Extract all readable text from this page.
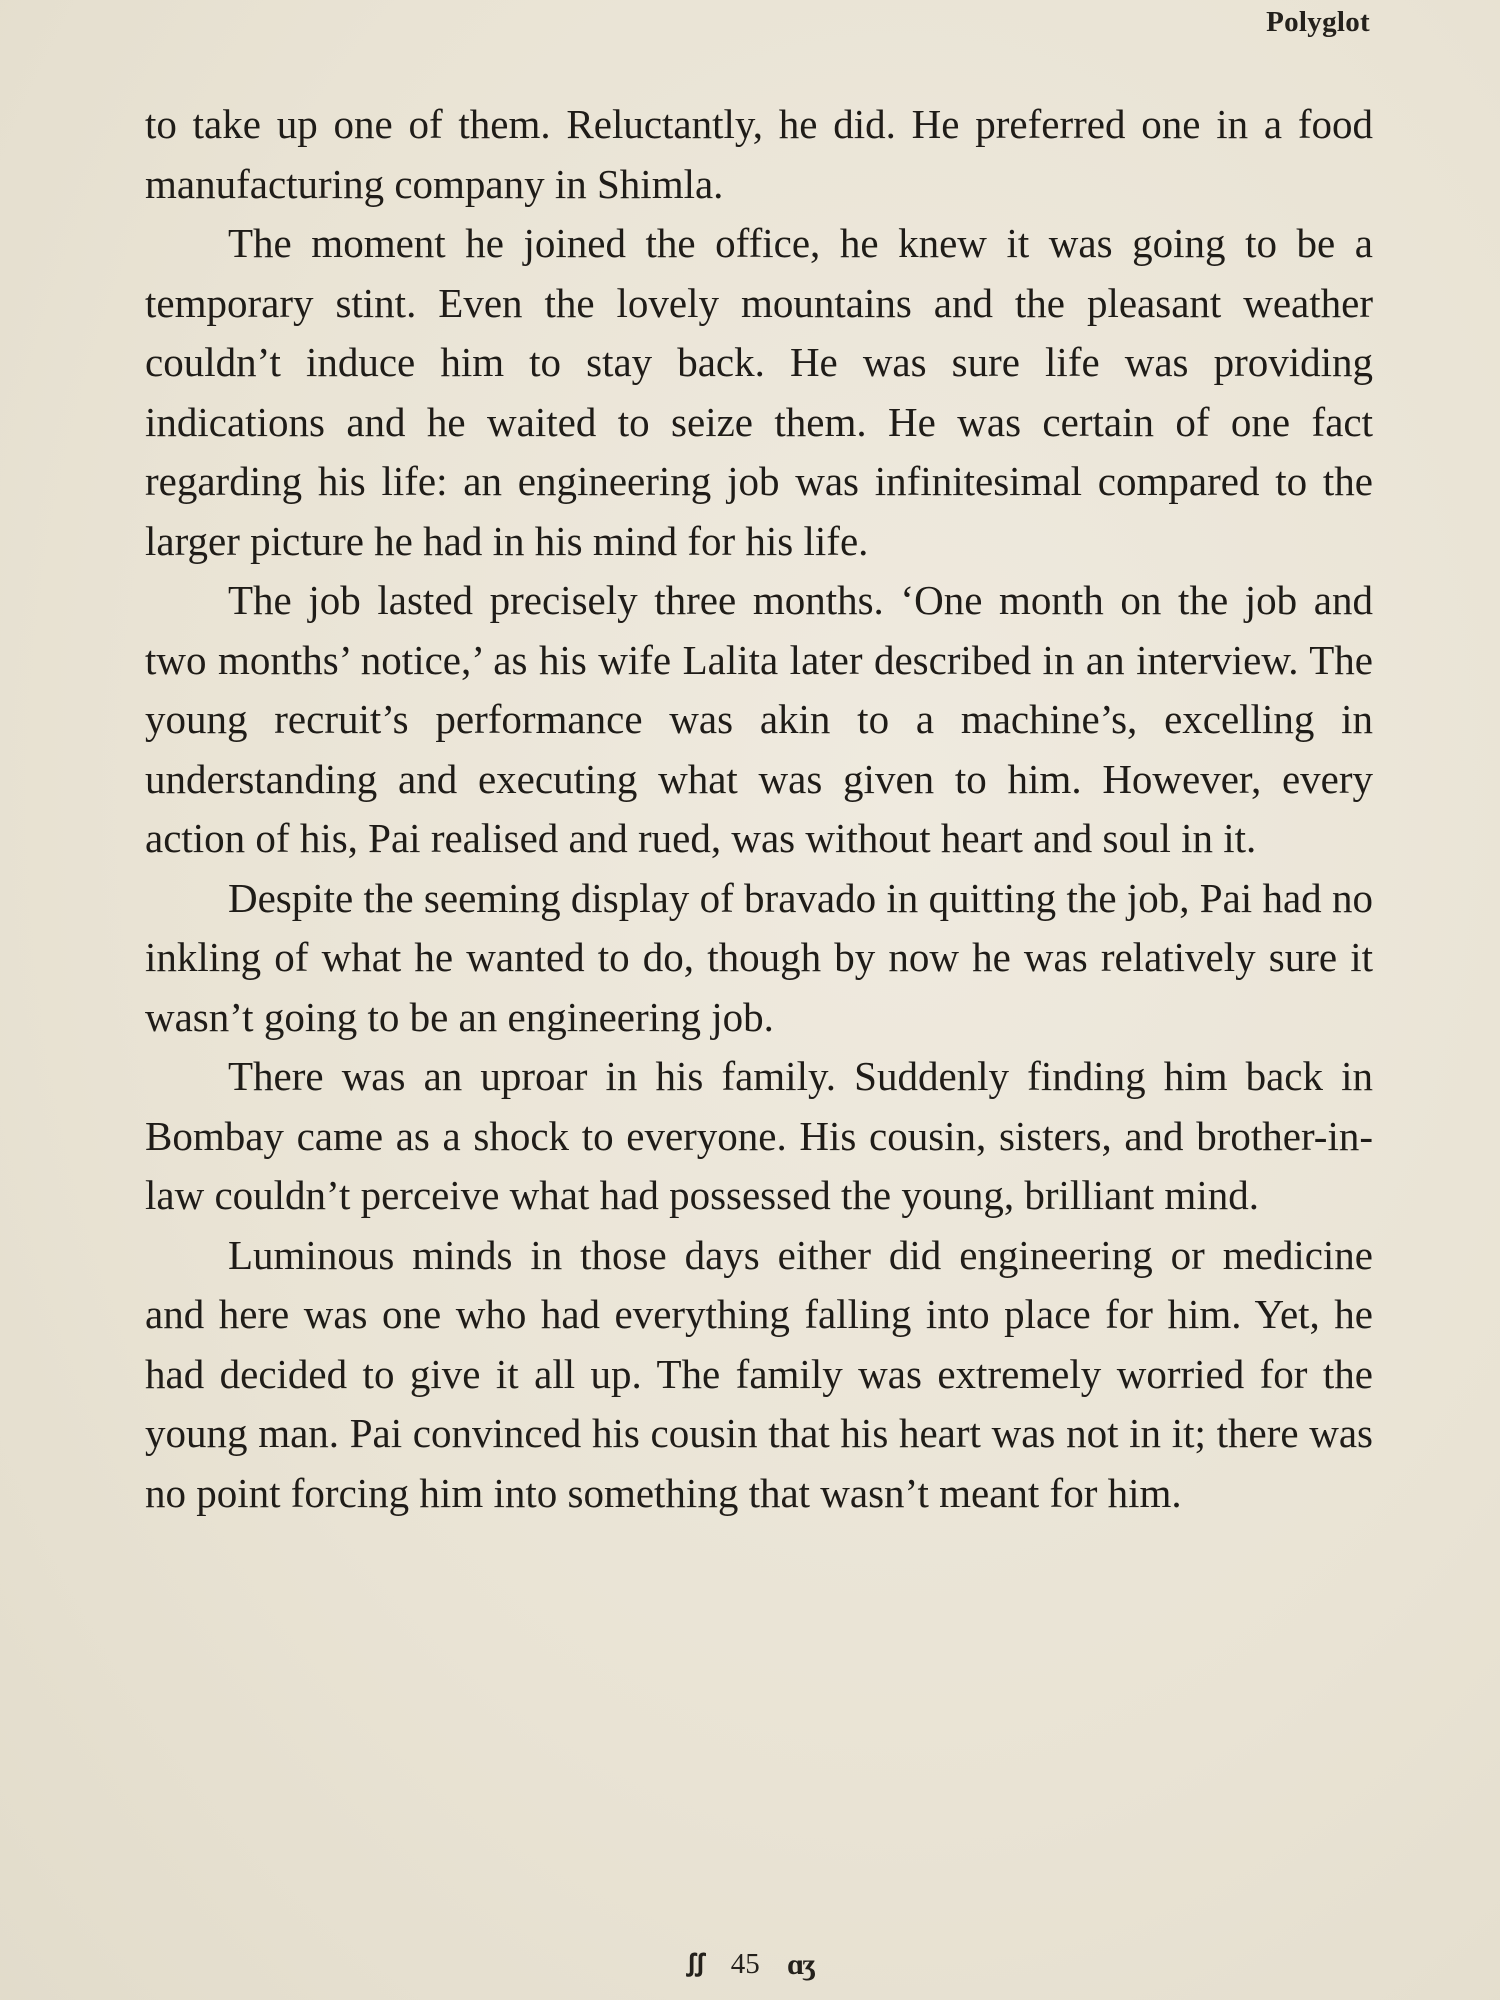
Polyglot

to take up one of them. Reluctantly, he did. He preferred one in a food manufacturing company in Shimla.

The moment he joined the office, he knew it was going to be a temporary stint. Even the lovely mountains and the pleasant weather couldn’t induce him to stay back. He was sure life was providing indications and he waited to seize them. He was certain of one fact regarding his life: an engineering job was infinitesimal compared to the larger picture he had in his mind for his life.

The job lasted precisely three months. ‘One month on the job and two months’ notice,’ as his wife Lalita later described in an interview. The young recruit’s performance was akin to a machine’s, excelling in understanding and executing what was given to him. However, every action of his, Pai realised and rued, was without heart and soul in it.

Despite the seeming display of bravado in quitting the job, Pai had no inkling of what he wanted to do, though by now he was relatively sure it wasn’t going to be an engineering job.

There was an uproar in his family. Suddenly finding him back in Bombay came as a shock to everyone. His cousin, sisters, and brother-in-law couldn’t perceive what had possessed the young, brilliant mind.

Luminous minds in those days either did engineering or medicine and here was one who had everything falling into place for him. Yet, he had decided to give it all up. The family was extremely worried for the young man. Pai convinced his cousin that his heart was not in it; there was no point forcing him into something that wasn’t meant for him.

ꭍꭍ 45 ɑʒ
